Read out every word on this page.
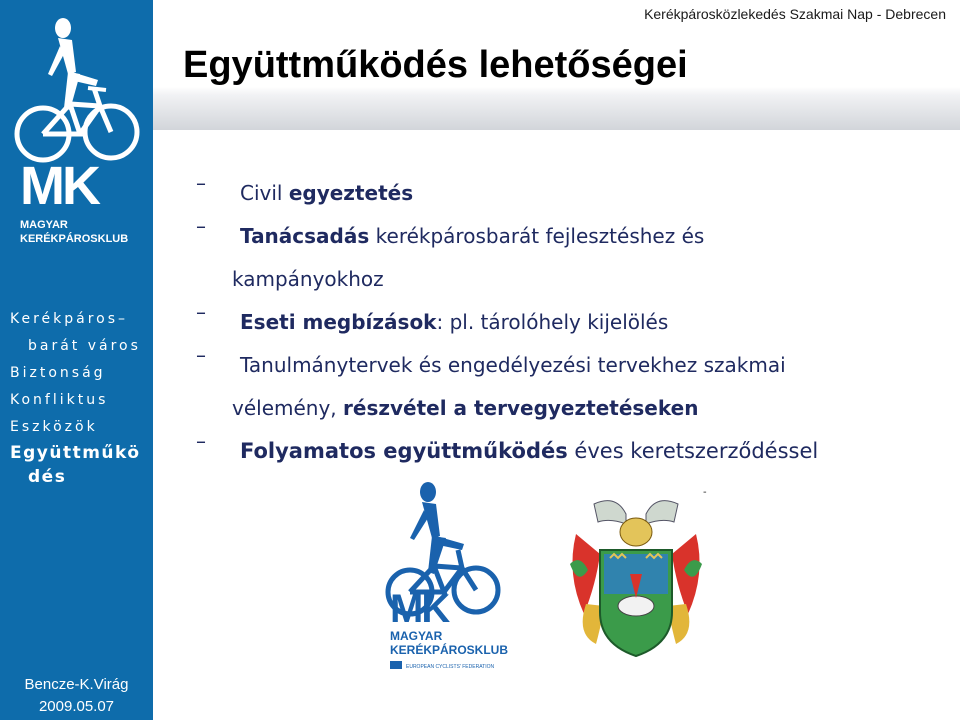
MK
MAGYAR
KERÉKPÁROSKLUB
Kerékpáros–
barát város
Biztonság
Konfliktus
Eszközök
Együttműkö
dés
Bencze-K.Virág
2009.05.07
Kerékpárosközlekedés Szakmai Nap - Debrecen
Együttműködés lehetőségei
– Civil egyeztetés
– Tanácsadás kerékpárosbarát fejlesztéshez és
kampányokhoz
– Eseti megbízások: pl. tárolóhely kijelölés
– Tanulmánytervek és engedélyezési tervekhez szakmai
vélemény, részvétel a tervegyeztetéseken
– Folyamatos együttműködés éves keretszerződéssel
MK
MAGYAR
KERÉKPÁROSKLUB
EUROPEAN CYCLISTS' FEDERATION
-
